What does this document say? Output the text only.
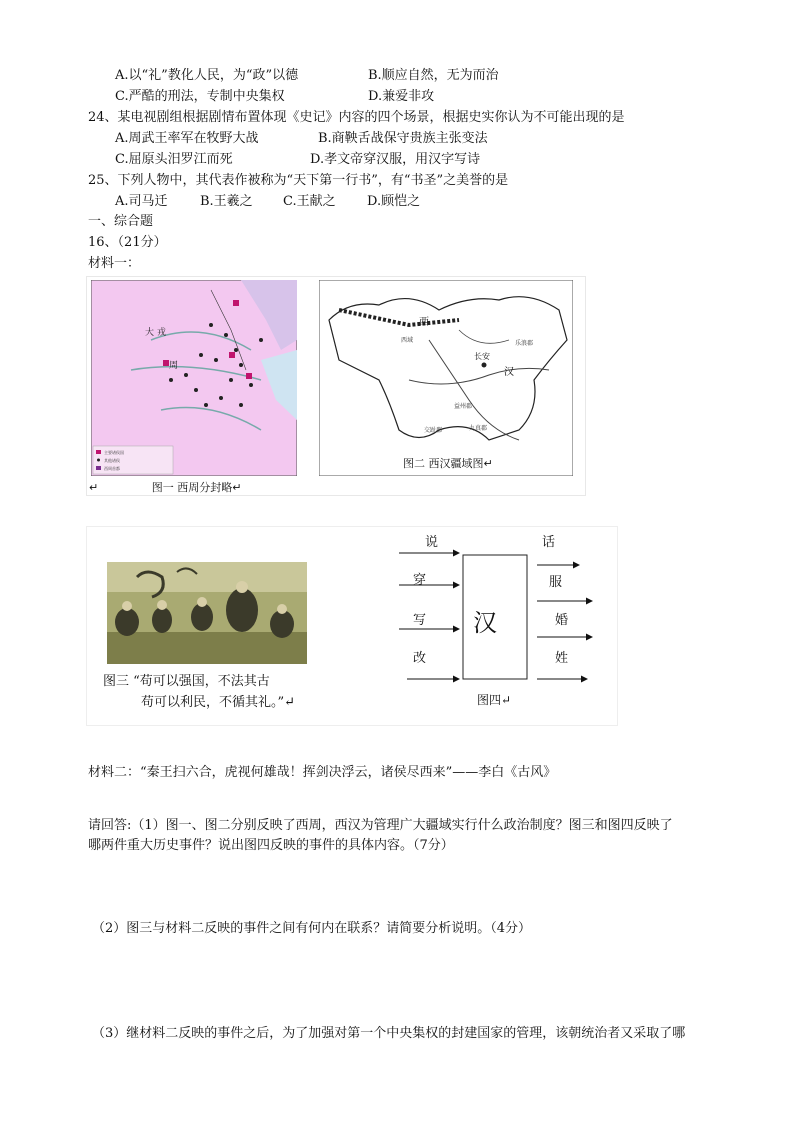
A.以“礼”教化人民，为“政”以德	B.顺应自然，无为而治
C.严酷的刑法，专制中央集权	D.兼爱非攻
24、某电视剧组根据剧情布置体现《史记》内容的四个场景，根据史实你认为不可能出现的是
A.周武王率军在牧野大战	B.商鞅舌战保守贵族主张变法
C.屈原头汨罗江而死	D.孝文帝穿汉服，用汉字写诗
25、下列人物中，其代表作被称为“天下第一行书”，有“书圣”之美誉的是
A.司马迁 B.王羲之 C.王献之 D.顾恺之
一、综合题
16、（21分）
材料一：
大 戎
周
主要诸侯国
其他诸侯
西周首都
↵	图一 西周分封略↵
西
汉
长安
西域	乐浪郡
益州郡
九真郡
交趾郡
图二 西汉疆域图↵
图三 “苟可以强国，不法其古
苟可以利民，不循其礼。”↵
说
穿
写
改
汉
话
服
婚
姓
图四↵
材料二：“秦王扫六合，虎视何雄哉！挥剑决浮云，诸侯尽西来”——李白《古风》
请回答:（1）图一、图二分别反映了西周，西汉为管理广大疆域实行什么政治制度？图三和图四反映了
哪两件重大历史事件？说出图四反映的事件的具体内容。（7分）
（2）图三与材料二反映的事件之间有何内在联系？请简要分析说明。（4分）
（3）继材料二反映的事件之后，为了加强对第一个中央集权的封建国家的管理，该朝统治者又采取了哪
